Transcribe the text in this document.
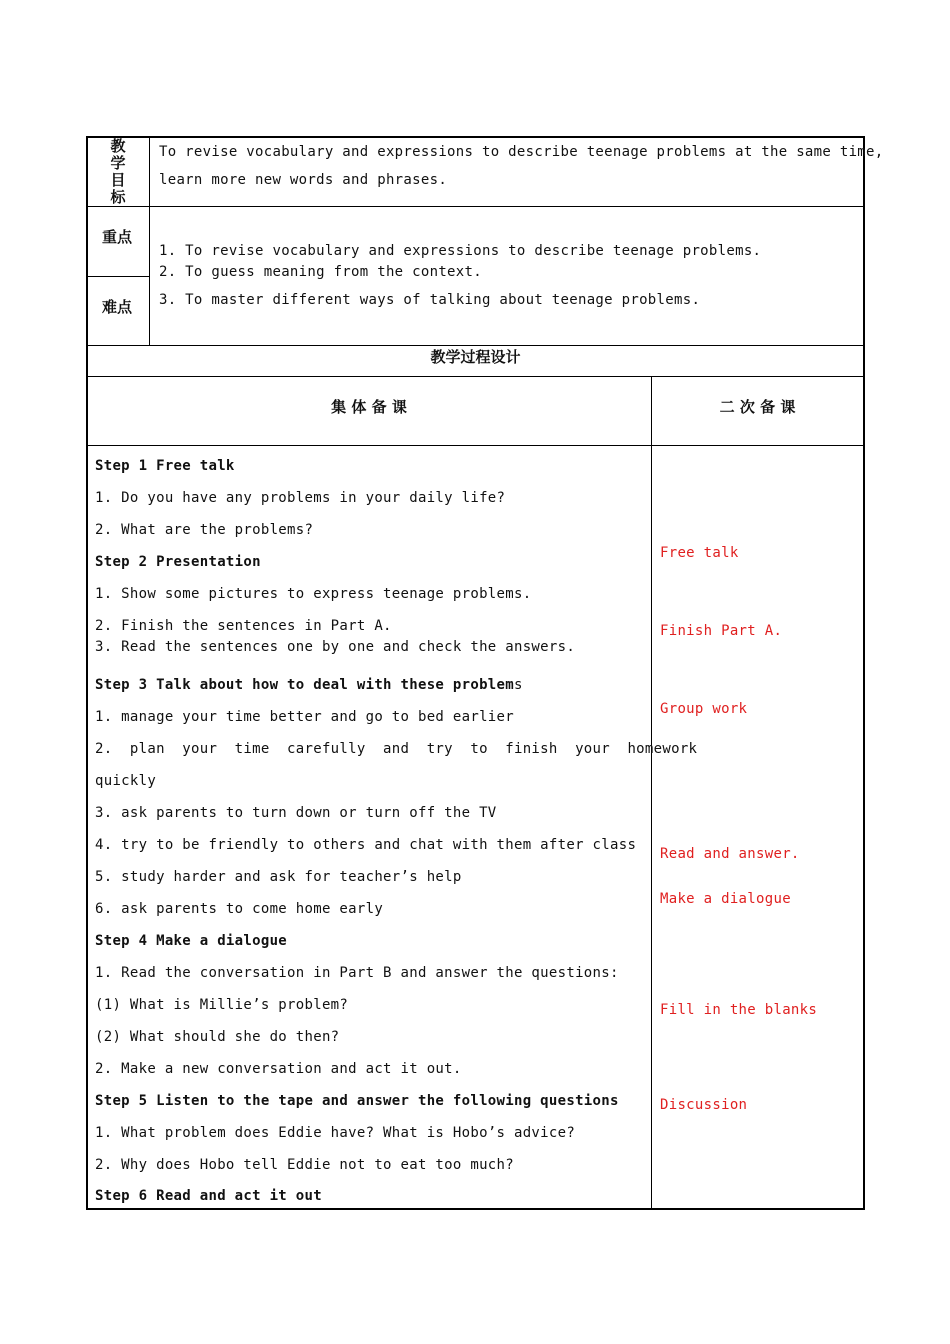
教学目标
To revise vocabulary and expressions to describe teenage problems at the same time,
learn more new words and phrases.
重点
难点
1. To revise vocabulary and expressions to describe teenage problems.
2. To guess meaning from the context.
3. To master different ways of talking about teenage problems.
教学过程设计
集 体 备 课	二 次 备 课
Step 1 Free talk
1. Do you have any problems in your daily life?
2. What are the problems?
Step 2 Presentation
1. Show some pictures to express teenage problems.
2. Finish the sentences in Part A.
3. Read the sentences one by one and check the answers.
Step 3 Talk about how to deal with these problems
1. manage your time better and go to bed earlier
2.  plan  your  time  carefully  and  try  to  finish  your  homework
quickly
3. ask parents to turn down or turn off the TV
4. try to be friendly to others and chat with them after class
5. study harder and ask for teacher’s help
6. ask parents to come home early
Step 4 Make a dialogue
1. Read the conversation in Part B and answer the questions:
(1) What is Millie’s problem?
(2) What should she do then?
2. Make a new conversation and act it out.
Step 5 Listen to the tape and answer the following questions
1. What problem does Eddie have? What is Hobo’s advice?
2. Why does Hobo tell Eddie not to eat too much?
Step 6 Read and act it out
Free talk
Finish Part A.
Group work
Read and answer.
Make a dialogue
Fill in the blanks
Discussion
